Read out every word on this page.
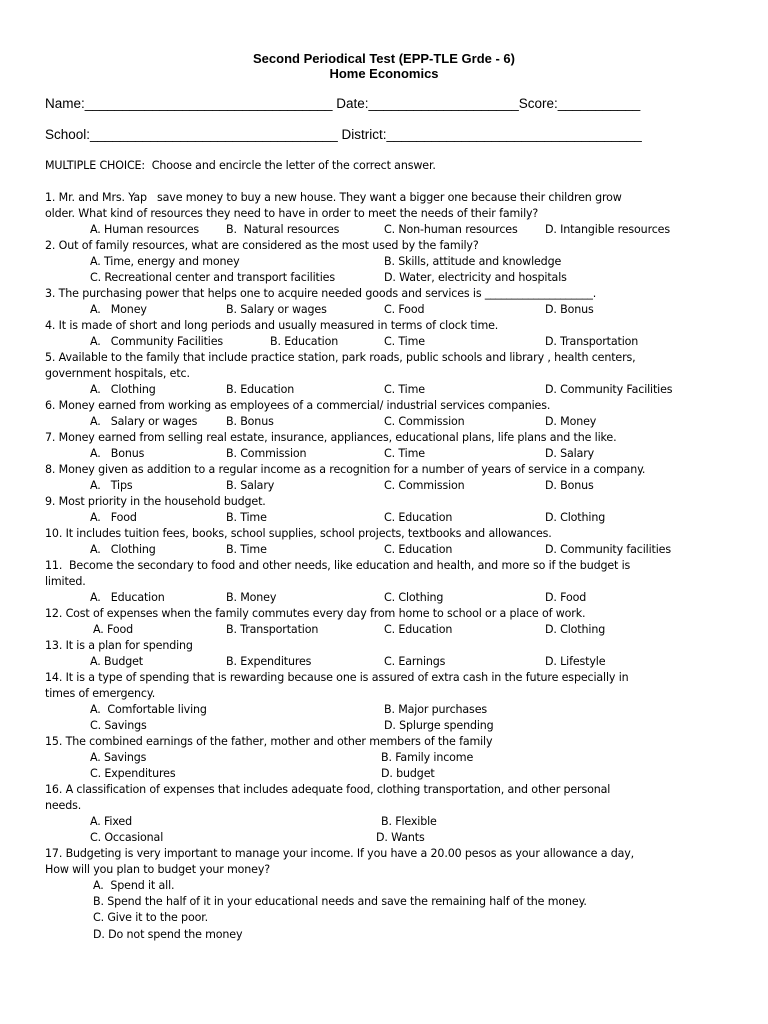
Second Periodical Test (EPP-TLE Grde - 6)
Home Economics
Name:_________________________________ Date:____________________Score:___________
School:_________________________________ District:__________________________________
MULTIPLE CHOICE:  Choose and encircle the letter of the correct answer.
1. Mr. and Mrs. Yap   save money to buy a new house. They want a bigger one because their children grow
older. What kind of resources they need to have in order to meet the needs of their family?
A. Human resources B.  Natural resources	C. Non-human resources D. Intangible resources
2. Out of family resources, what are considered as the most used by the family?
A. Time, energy and money	B. Skills, attitude and knowledge
C. Recreational center and transport facilities	D. Water, electricity and hospitals
3. The purchasing power that helps one to acquire needed goods and services is ____________________.
A.   Money	B. Salary or wages	C. Food	D. Bonus
4. It is made of short and long periods and usually measured in terms of clock time.
A.   Community Facilities	B. Education	C. Time	D. Transportation
5. Available to the family that include practice station, park roads, public schools and library , health centers,
government hospitals, etc.
A.   Clothing	B. Education	C. Time	D. Community Facilities
6. Money earned from working as employees of a commercial/ industrial services companies.
A.   Salary or wages	B. Bonus	C. Commission	D. Money
7. Money earned from selling real estate, insurance, appliances, educational plans, life plans and the like.
A.   Bonus	B. Commission	C. Time	D. Salary
8. Money given as addition to a regular income as a recognition for a number of years of service in a company.
A.   Tips	B. Salary	C. Commission	D. Bonus
9. Most priority in the household budget.
A.   Food	B. Time	C. Education	D. Clothing
10. It includes tuition fees, books, school supplies, school projects, textbooks and allowances.
A.   Clothing	B. Time	C. Education	D. Community facilities
11.  Become the secondary to food and other needs, like education and health, and more so if the budget is
limited.
A.   Education	B. Money	C. Clothing	D. Food
12. Cost of expenses when the family commutes every day from home to school or a place of work.
A. Food	B. Transportation	C. Education	D. Clothing
13. It is a plan for spending
A. Budget	B. Expenditures	C. Earnings	D. Lifestyle
14. It is a type of spending that is rewarding because one is assured of extra cash in the future especially in
times of emergency.
A.  Comfortable living	B. Major purchases
C. Savings	D. Splurge spending
15. The combined earnings of the father, mother and other members of the family
A. Savings	B. Family income
C. Expenditures	D. budget
16. A classification of expenses that includes adequate food, clothing transportation, and other personal
needs.
A. Fixed	B. Flexible
C. Occasional	D. Wants
17. Budgeting is very important to manage your income. If you have a 20.00 pesos as your allowance a day,
How will you plan to budget your money?
A.  Spend it all.
B. Spend the half of it in your educational needs and save the remaining half of the money.
C. Give it to the poor.
D. Do not spend the money
